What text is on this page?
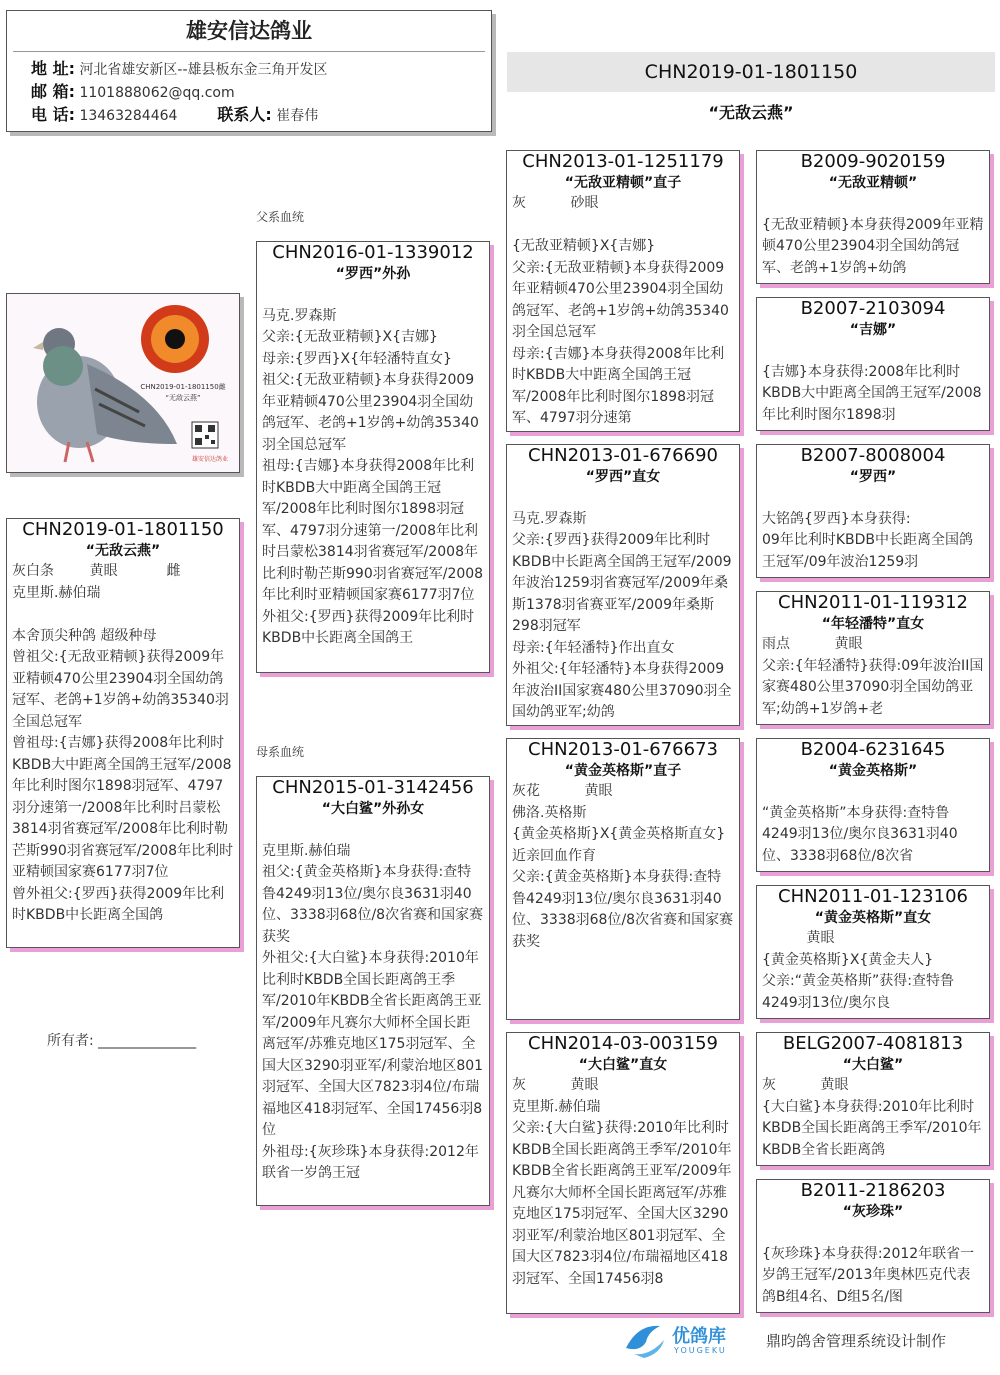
雄安信达鸽业
地 址: 河北省雄安新区--雄县板东金三角开发区
邮 箱: 1101888062@qq.com
电 话: 13463284464	联系人: 崔春伟
CHN2019-01-1801150
“无敌云燕”
父系血统
母系血统
CHN2019-01-1801150雌
“无敌云燕”
雄安信达鸽业
CHN2019-01-1801150
“无敌云燕”
灰白条        黄眼           雌
克里斯.赫伯瑞

本舍顶尖种鸽 超级种母
曾祖父:{无敌亚精顿}获得2009年亚精顿470公里23904羽全国幼鸽冠军、老鸽+1岁鸽+幼鸽35340羽全国总冠军
曾祖母:{吉娜}获得2008年比利时KBDB大中距离全国鸽王冠军/2008年比利时图尔1898羽冠军、4797羽分速第一/2008年比利时吕蒙松3814羽省赛冠军/2008年比利时勒芒斯990羽省赛冠军/2008年比利时亚精顿国家赛6177羽7位
曾外祖父:{罗西}获得2009年比利时KBDB中长距离全国鸽
CHN2016-01-1339012
“罗西”外孙

马克.罗森斯
父亲:{无敌亚精顿}X{吉娜}
母亲:{罗西}X{年轻潘特直女}
祖父:{无敌亚精顿}本身获得2009年亚精顿470公里23904羽全国幼鸽冠军、老鸽+1岁鸽+幼鸽35340羽全国总冠军
祖母:{吉娜}本身获得2008年比利时KBDB大中距离全国鸽王冠军/2008年比利时图尔1898羽冠军、4797羽分速第一/2008年比利时吕蒙松3814羽省赛冠军/2008年比利时勒芒斯990羽省赛冠军/2008年比利时亚精顿国家赛6177羽7位
外祖父:{罗西}获得2009年比利时KBDB中长距离全国鸽王
CHN2015-01-3142456
“大白鲨”外孙女

克里斯.赫伯瑞
祖父:{黄金英格斯}本身获得:查特鲁4249羽13位/奥尔良3631羽40位、3338羽68位/8次省赛和国家赛获奖
外祖父:{大白鲨}本身获得:2010年比利时KBDB全国长距离鸽王季军/2010年KBDB全省长距离鸽王亚军/2009年凡赛尔大师杯全国长距离冠军/苏雅克地区175羽冠军、全国大区3290羽亚军/利蒙治地区801羽冠军、全国大区7823羽4位/布瑞福地区418羽冠军、全国17456羽8位
外祖母:{灰珍珠}本身获得:2012年联省一岁鸽王冠
CHN2013-01-1251179
“无敌亚精顿”直子
灰          砂眼

{无敌亚精顿}X{吉娜}
父亲:{无敌亚精顿}本身获得2009年亚精顿470公里23904羽全国幼鸽冠军、老鸽+1岁鸽+幼鸽35340羽全国总冠军
母亲:{吉娜}本身获得2008年比利时KBDB大中距离全国鸽王冠军/2008年比利时图尔1898羽冠军、4797羽分速第
CHN2013-01-676690
“罗西”直女

马克.罗森斯
父亲:{罗西}获得2009年比利时KBDB中长距离全国鸽王冠军/2009年波治1259羽省赛冠军/2009年桑斯1378羽省赛亚军/2009年桑斯298羽冠军
母亲:{年轻潘特}作出直女
外祖父:{年轻潘特}本身获得2009年波治II国家赛480公里37090羽全国幼鸽亚军;幼鸽
CHN2013-01-676673
“黄金英格斯”直子
灰花          黄眼
佛洛.英格斯
{黄金英格斯}X{黄金英格斯直女}近亲回血作育
父亲:{黄金英格斯}本身获得:查特鲁4249羽13位/奥尔良3631羽40位、3338羽68位/8次省赛和国家赛获奖
CHN2014-03-003159
“大白鲨”直女
灰          黄眼
克里斯.赫伯瑞
父亲:{大白鲨}获得:2010年比利时KBDB全国长距离鸽王季军/2010年KBDB全省长距离鸽王亚军/2009年凡赛尔大师杯全国长距离冠军/苏雅克地区175羽冠军、全国大区3290羽亚军/利蒙治地区801羽冠军、全国大区7823羽4位/布瑞福地区418羽冠军、全国17456羽8
B2009-9020159
“无敌亚精顿”

{无敌亚精顿}本身获得2009年亚精顿470公里23904羽全国幼鸽冠军、老鸽+1岁鸽+幼鸽
B2007-2103094
“吉娜”

{吉娜}本身获得:2008年比利时KBDB大中距离全国鸽王冠军/2008年比利时图尔1898羽
B2007-8008004
“罗西”

大铭鸽{罗西}本身获得:
09年比利时KBDB中长距离全国鸽王冠军/09年波治1259羽
CHN2011-01-119312
“年轻潘特”直女
雨点          黄眼
父亲:{年轻潘特}获得:09年波治II国家赛480公里37090羽全国幼鸽亚军;幼鸽+1岁鸽+老
B2004-6231645
“黄金英格斯”

“黄金英格斯”本身获得:查特鲁4249羽13位/奥尔良3631羽40位、3338羽68位/8次省
CHN2011-01-123106
“黄金英格斯”直女
黄眼
{黄金英格斯}X{黄金夫人}
父亲:“黄金英格斯”获得:查特鲁4249羽13位/奥尔良
BELG2007-4081813
“大白鲨”
灰          黄眼
{大白鲨}本身获得:2010年比利时KBDB全国长距离鸽王季军/2010年KBDB全省长距离鸽
B2011-2186203
“灰珍珠”

{灰珍珠}本身获得:2012年联省一岁鸽王冠军/2013年奥林匹克代表鸽B组4名、D组5名/图
所有者: ______________
优鸽库
YOUGEKU
鼎昀鸽舍管理系统设计制作
